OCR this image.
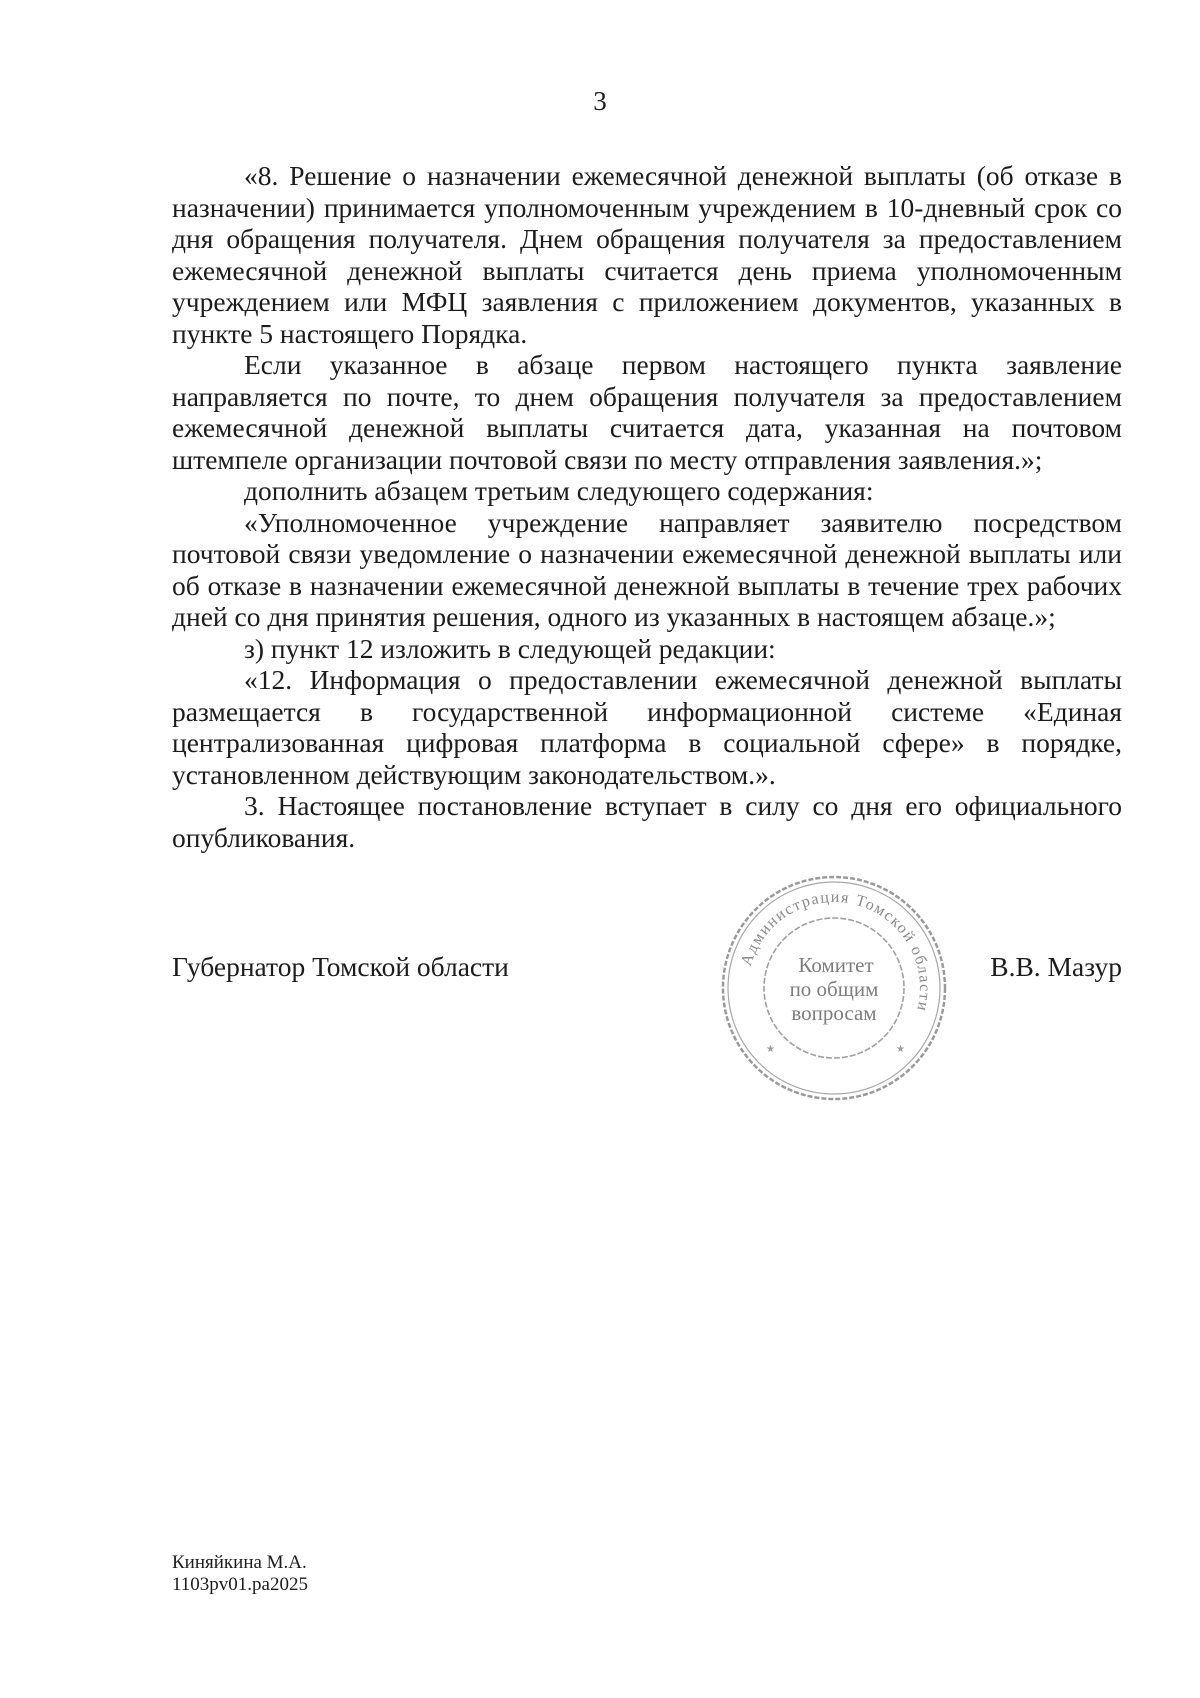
3

«8. Решение о назначении ежемесячной денежной выплаты (об отказе в назначении) принимается уполномоченным учреждением в 10-дневный срок со дня обращения получателя. Днем обращения получателя за предоставлением ежемесячной денежной выплаты считается день приема уполномоченным учреждением или МФЦ заявления с приложением документов, указанных в пункте 5 настоящего Порядка.

Если указанное в абзаце первом настоящего пункта заявление направляется по почте, то днем обращения получателя за предоставлением ежемесячной денежной выплаты считается дата, указанная на почтовом штемпеле организации почтовой связи по месту отправления заявления.»;

дополнить абзацем третьим следующего содержания:

«Уполномоченное учреждение направляет заявителю посредством почтовой связи уведомление о назначении ежемесячной денежной выплаты или об отказе в назначении ежемесячной денежной выплаты в течение трех рабочих дней со дня принятия решения, одного из указанных в настоящем абзаце.»;

з) пункт 12 изложить в следующей редакции:

«12. Информация о предоставлении ежемесячной денежной выплаты размещается в государственной информационной системе «Единая централизованная цифровая платформа в социальной сфере» в порядке, установленном действующим законодательством.».

3. Настоящее постановление вступает в силу со дня его официального опубликования.

Губернатор Томской области	Администрация Томской области
Комитет
по общим
вопросам
★	★
В.В. Мазур
Киняйкина М.А.
1103pv01.pa2025
